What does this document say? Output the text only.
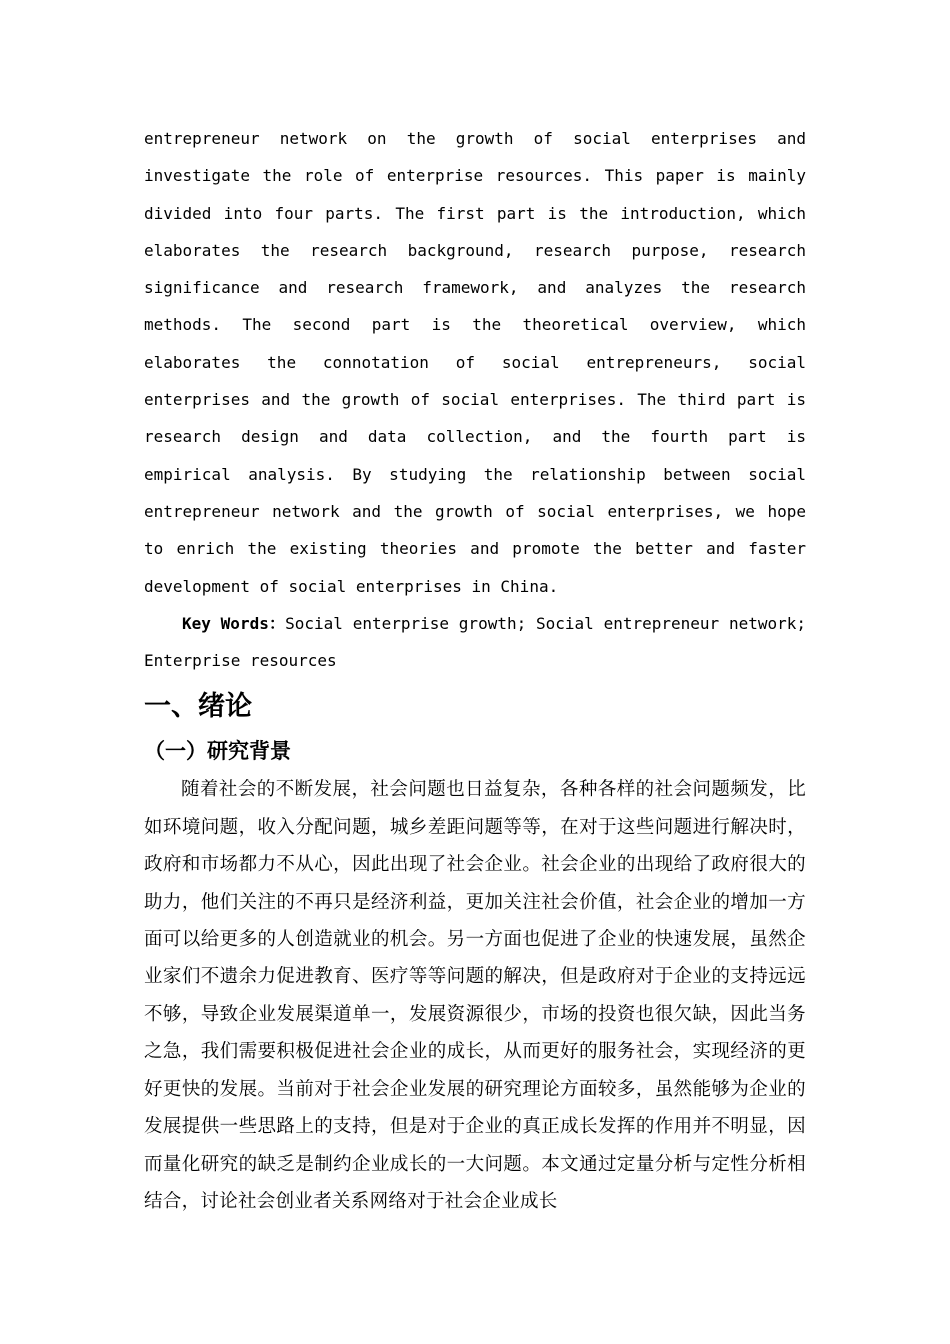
entrepreneur network on the growth of social enterprises and investigate the role of enterprise resources. This paper is mainly divided into four parts. The first part is the introduction, which elaborates the research background, research purpose, research significance and research framework, and analyzes the research methods. The second part is the theoretical overview, which elaborates the connotation of social entrepreneurs, social enterprises and the growth of social enterprises. The third part is research design and data collection, and the fourth part is empirical analysis. By studying the relationship between social entrepreneur network and the growth of social enterprises, we hope to enrich the existing theories and promote the better and faster development of social enterprises in China.

Key Words：Social enterprise growth; Social entrepreneur network; Enterprise resources

一、绪论
（一）研究背景

随着社会的不断发展，社会问题也日益复杂，各种各样的社会问题频发，比如环境问题，收入分配问题，城乡差距问题等等，在对于这些问题进行解决时，政府和市场都力不从心，因此出现了社会企业。社会企业的出现给了政府很大的助力，他们关注的不再只是经济利益，更加关注社会价值，社会企业的增加一方面可以给更多的人创造就业的机会。另一方面也促进了企业的快速发展，虽然企业家们不遗余力促进教育、医疗等等问题的解决，但是政府对于企业的支持远远不够，导致企业发展渠道单一，发展资源很少，市场的投资也很欠缺，因此当务之急，我们需要积极促进社会企业的成长，从而更好的服务社会，实现经济的更好更快的发展。当前对于社会企业发展的研究理论方面较多，虽然能够为企业的发展提供一些思路上的支持，但是对于企业的真正成长发挥的作用并不明显，因而量化研究的缺乏是制约企业成长的一大问题。本文通过定量分析与定性分析相结合，讨论社会创业者关系网络对于社会企业成长
